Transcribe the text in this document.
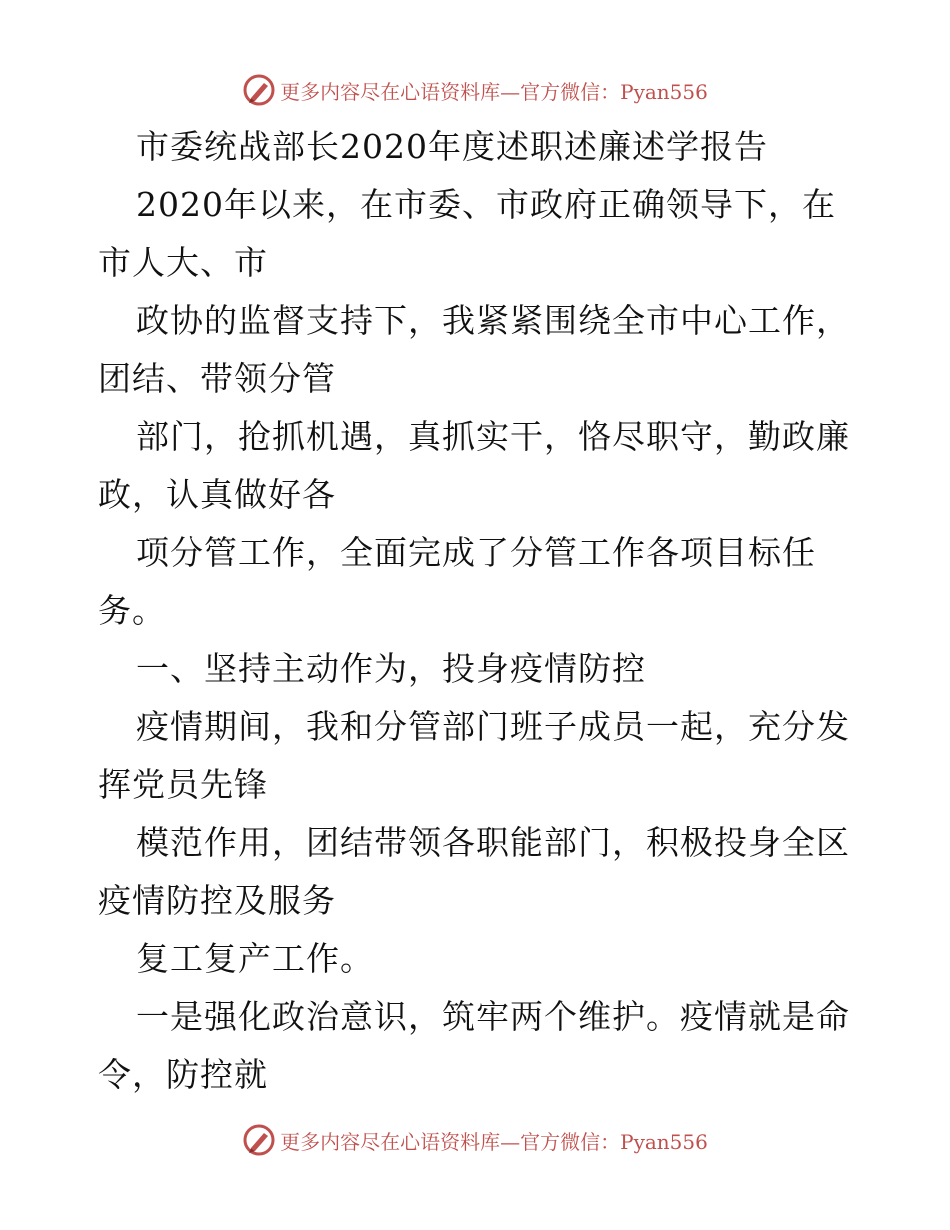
更多内容尽在心语资料库—官方微信：Pyan556
市委统战部长2020年度述职述廉述学报告
2020年以来，在市委、市政府正确领导下，在
市人大、市
政协的监督支持下，我紧紧围绕全市中心工作，
团结、带领分管
部门，抢抓机遇，真抓实干，恪尽职守，勤政廉
政，认真做好各
项分管工作，全面完成了分管工作各项目标任
务。
一、坚持主动作为，投身疫情防控
疫情期间，我和分管部门班子成员一起，充分发
挥党员先锋
模范作用，团结带领各职能部门，积极投身全区
疫情防控及服务
复工复产工作。
一是强化政治意识，筑牢两个维护。疫情就是命
令，防控就
更多内容尽在心语资料库—官方微信：Pyan556
